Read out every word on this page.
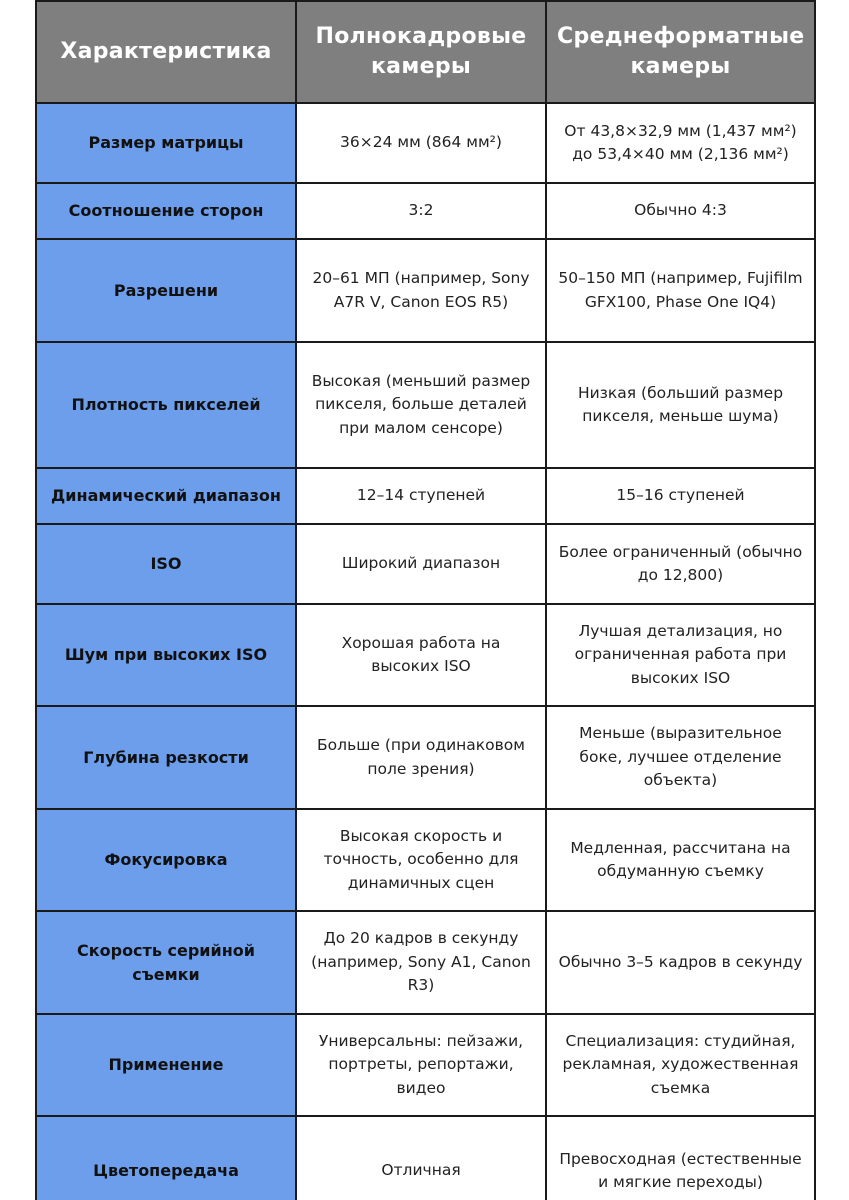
Характеристика	Полнокадровые камеры	Среднеформатные камеры
Размер матрицы	36×24 мм (864 мм²)	От 43,8×32,9 мм (1,437 мм²) до 53,4×40 мм (2,136 мм²)
Соотношение сторон	3:2	Обычно 4:3
Разрешени	20–61 МП (например, Sony A7R V, Canon EOS R5)	50–150 МП (например, Fujifilm GFX100, Phase One IQ4)
Плотность пикселей	Высокая (меньший размер пикселя, больше деталей при малом сенсоре)	Низкая (больший размер пикселя, меньше шума)
Динамический диапазон	12–14 ступеней	15–16 ступеней
ISO	Широкий диапазон	Более ограниченный (обычно до 12,800)
Шум при высоких ISO	Хорошая работа на высоких ISO	Лучшая детализация, но ограниченная работа при высоких ISO
Глубина резкости	Больше (при одинаковом поле зрения)	Меньше (выразительное боке, лучшее отделение объекта)
Фокусировка	Высокая скорость и точность, особенно для динамичных сцен	Медленная, рассчитана на обдуманную съемку
Скорость серийной съемки	До 20 кадров в секунду (например, Sony A1, Canon R3)	Обычно 3–5 кадров в секунду
Применение	Универсальны: пейзажи, портреты, репортажи, видео	Специализация: студийная, рекламная, художественная съемка
Цветопередача	Отличная	Превосходная (естественные и мягкие переходы)
